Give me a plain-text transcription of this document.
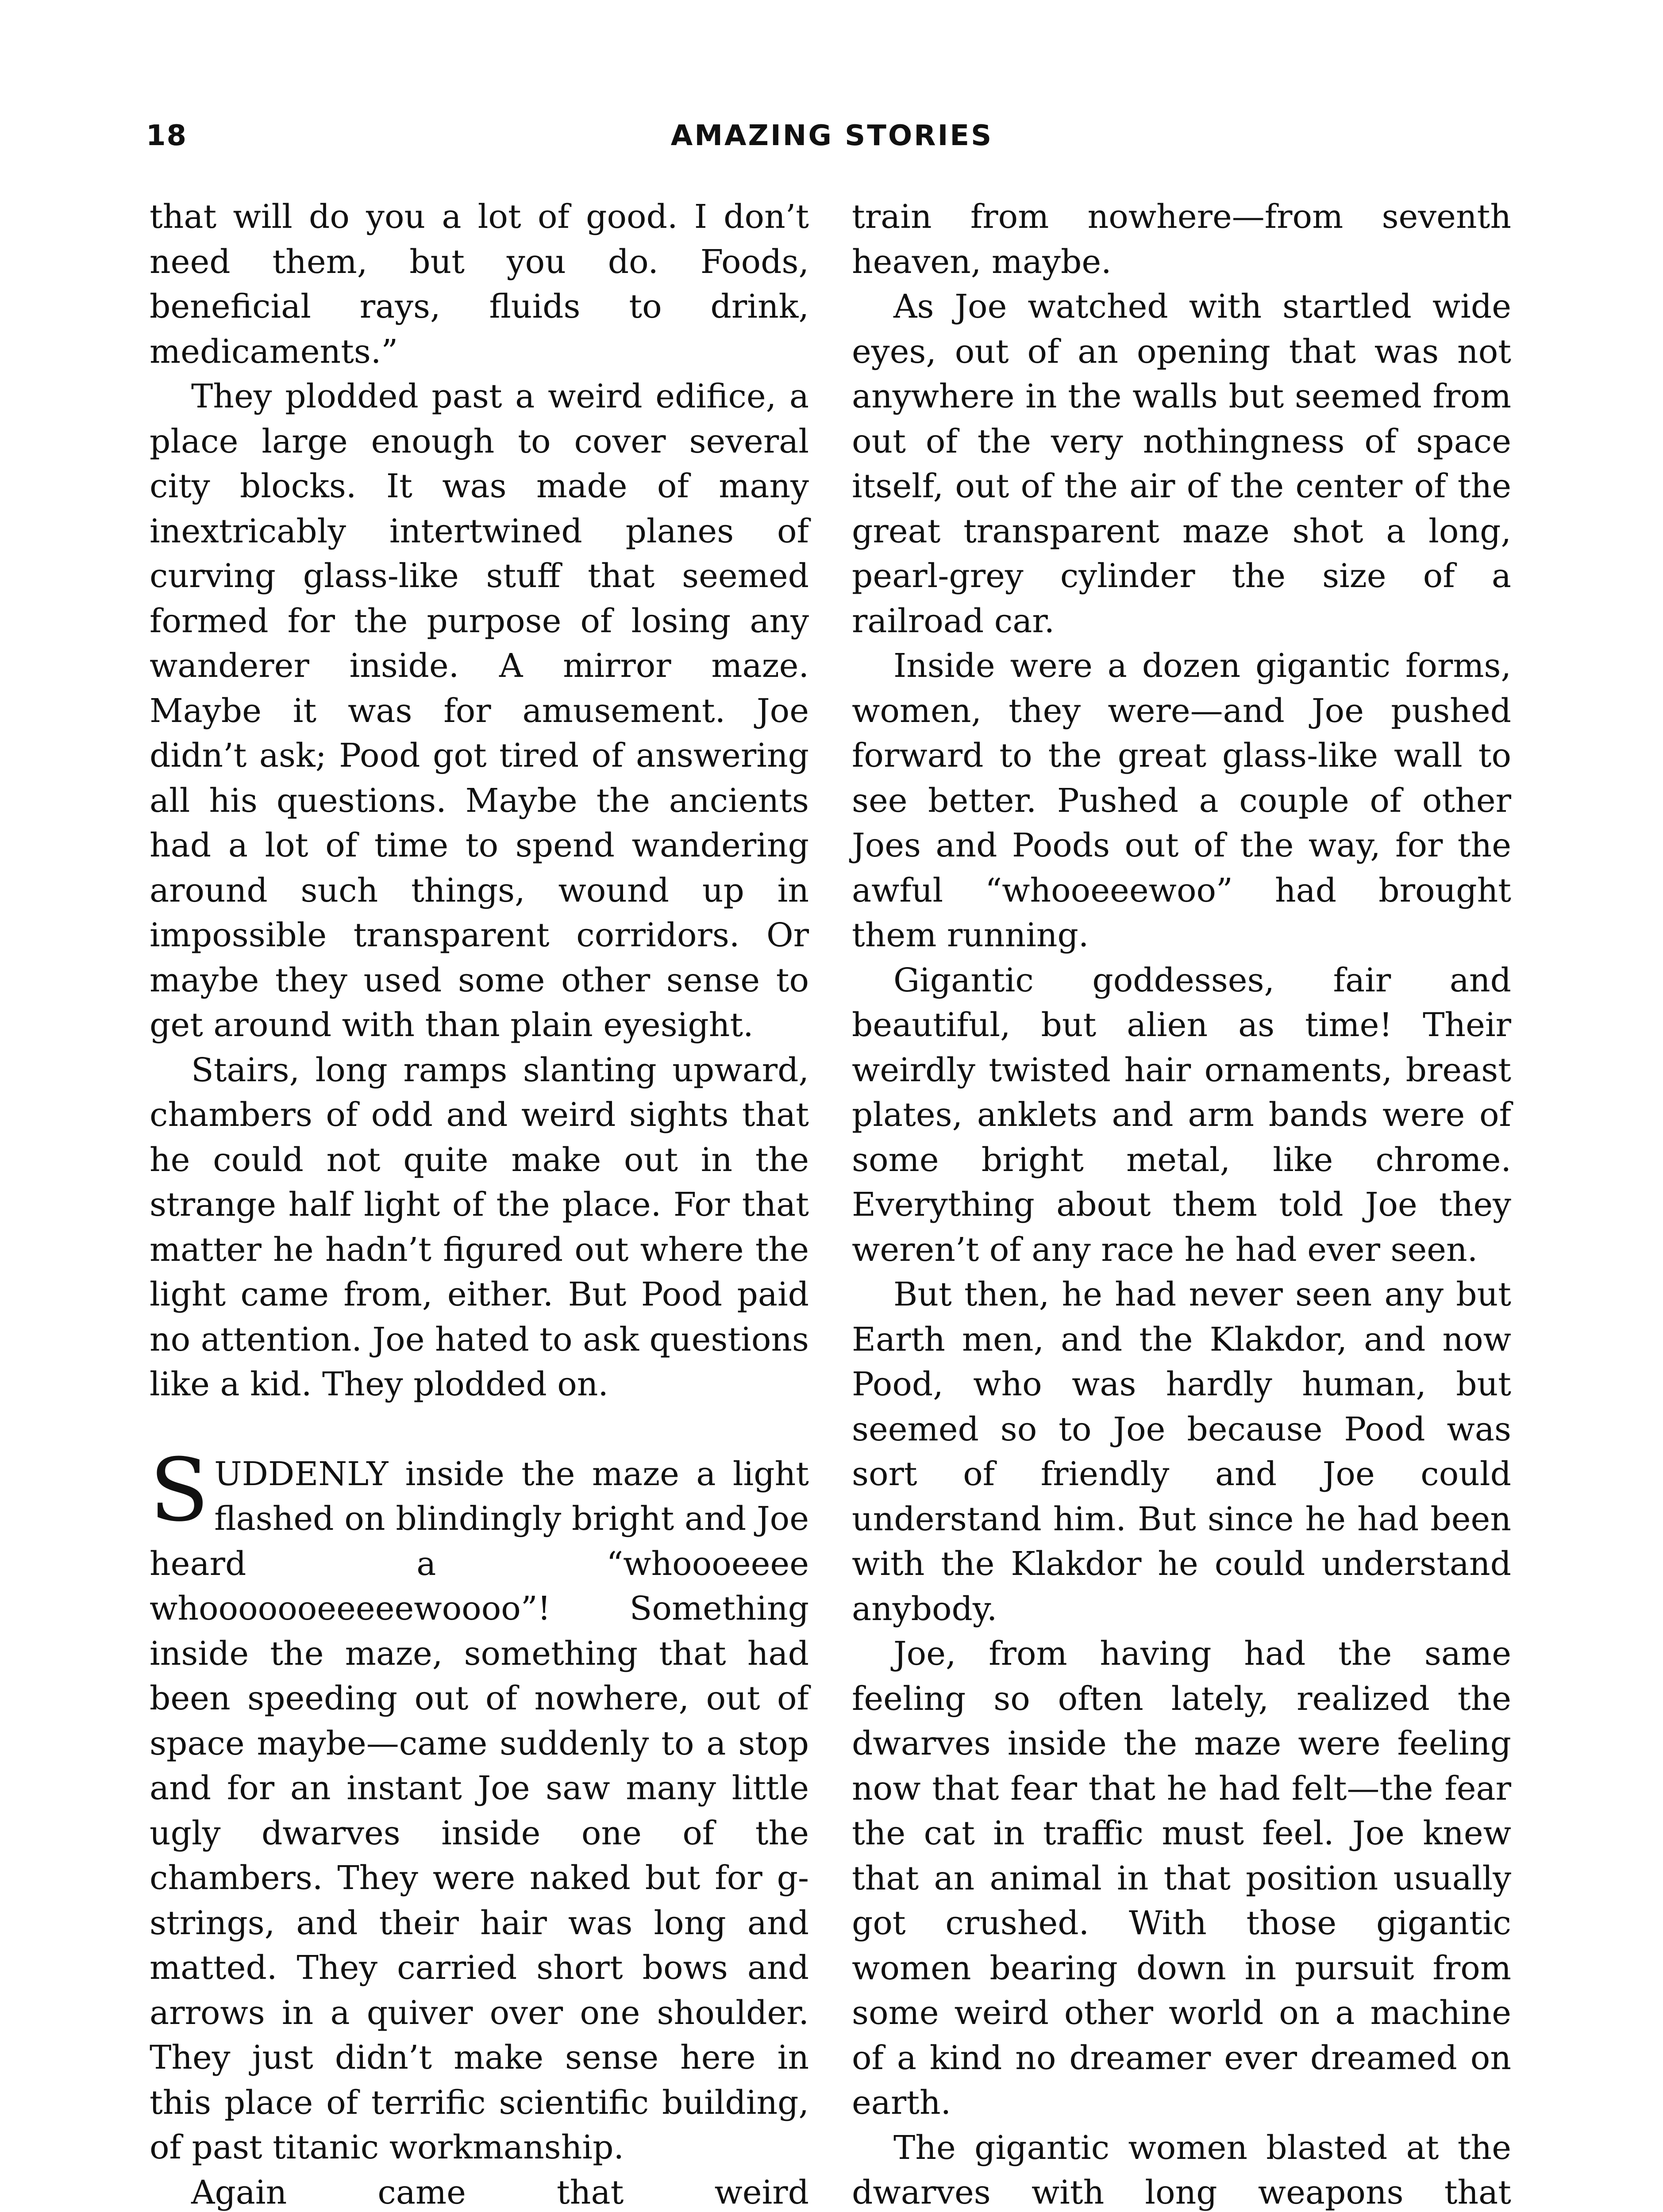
18	AMAZING STORIES

that will do you a lot of good. I don’t need them, but you do. Foods, beneficial rays, fluids to drink, medicaments.”

They plodded past a weird edifice, a place large enough to cover several city blocks. It was made of many inextricably intertwined planes of curving glass-like stuff that seemed formed for the purpose of losing any wanderer inside. A mirror maze. Maybe it was for amusement. Joe didn’t ask; Pood got tired of answering all his questions. Maybe the ancients had a lot of time to spend wandering around such things, wound up in impossible transparent corridors. Or maybe they used some other sense to get around with than plain eyesight.

Stairs, long ramps slanting upward, chambers of odd and weird sights that he could not quite make out in the strange half light of the place. For that matter he hadn’t figured out where the light came from, either. But Pood paid no attention. Joe hated to ask questions like a kid. They plodded on.

SUDDENLY inside the maze a light flashed on blindingly bright and Joe heard a “whoooeeee whooooooeeeeewoooo”! Something inside the maze, something that had been speeding out of nowhere, out of space maybe—came suddenly to a stop and for an instant Joe saw many little ugly dwarves inside one of the chambers. They were naked but for g-strings, and their hair was long and matted. They carried short bows and arrows in a quiver over one shoulder. They just didn’t make sense here in this place of terrific scientific building, of past titanic workmanship.

Again came that weird

train from nowhere—from seventh heaven, maybe.

As Joe watched with startled wide eyes, out of an opening that was not anywhere in the walls but seemed from out of the very nothingness of space itself, out of the air of the center of the great transparent maze shot a long, pearl-grey cylinder the size of a railroad car.

Inside were a dozen gigantic forms, women, they were—and Joe pushed forward to the great glass-like wall to see better. Pushed a couple of other Joes and Poods out of the way, for the awful “whooeeewoo” had brought them running.

Gigantic goddesses, fair and beautiful, but alien as time! Their weirdly twisted hair ornaments, breast plates, anklets and arm bands were of some bright metal, like chrome. Everything about them told Joe they weren’t of any race he had ever seen.

But then, he had never seen any but Earth men, and the Klakdor, and now Pood, who was hardly human, but seemed so to Joe because Pood was sort of friendly and Joe could understand him. But since he had been with the Klakdor he could understand anybody.

Joe, from having had the same feeling so often lately, realized the dwarves inside the maze were feeling now that fear that he had felt—the fear the cat in traffic must feel. Joe knew that an animal in that position usually got crushed. With those gigantic women bearing down in pursuit from some weird other world on a machine of a kind no dreamer ever dreamed on earth.

The gigantic women blasted at the dwarves with long weapons that
